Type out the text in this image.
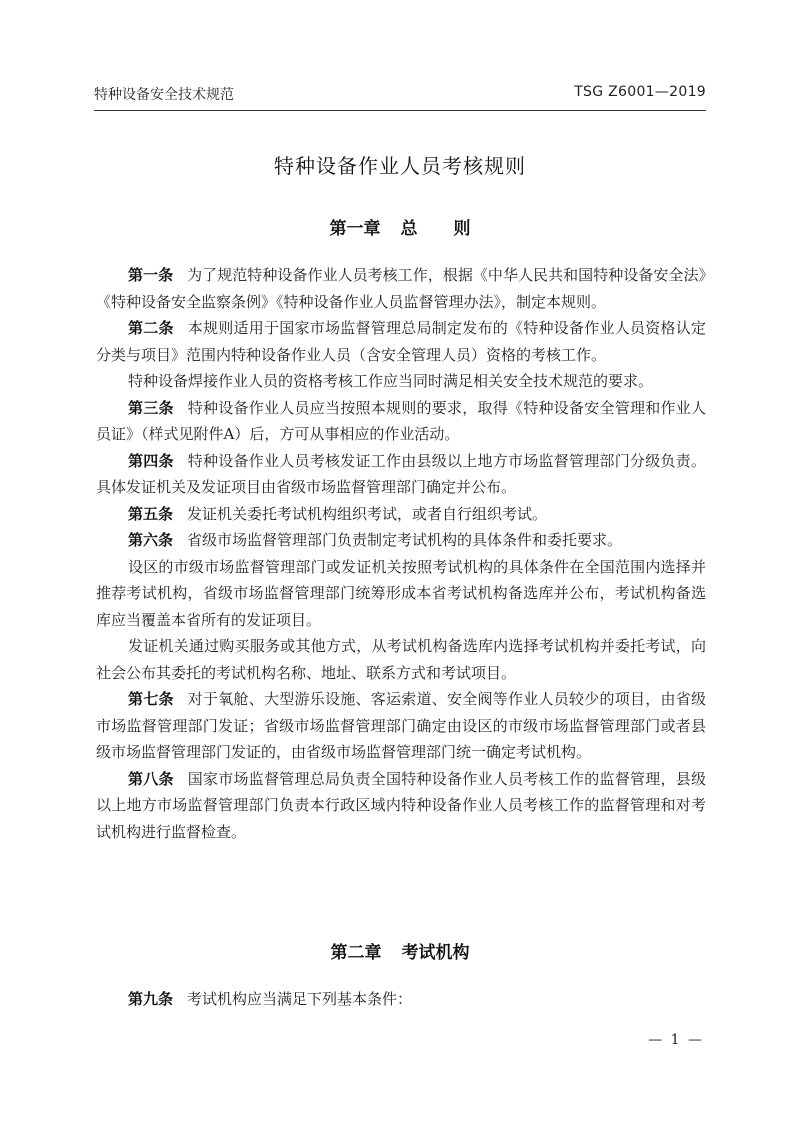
特种设备安全技术规范	TSG Z6001—2019
特种设备作业人员考核规则
第一章 总 则

第一条 为了规范特种设备作业人员考核工作，根据《中华人民共和国特种设备安全法》《特种设备安全监察条例》《特种设备作业人员监督管理办法》，制定本规则。

第二条 本规则适用于国家市场监督管理总局制定发布的《特种设备作业人员资格认定分类与项目》范围内特种设备作业人员（含安全管理人员）资格的考核工作。

特种设备焊接作业人员的资格考核工作应当同时满足相关安全技术规范的要求。

第三条 特种设备作业人员应当按照本规则的要求，取得《特种设备安全管理和作业人员证》（样式见附件A）后，方可从事相应的作业活动。

第四条 特种设备作业人员考核发证工作由县级以上地方市场监督管理部门分级负责。具体发证机关及发证项目由省级市场监督管理部门确定并公布。

第五条 发证机关委托考试机构组织考试，或者自行组织考试。

第六条 省级市场监督管理部门负责制定考试机构的具体条件和委托要求。

设区的市级市场监督管理部门或发证机关按照考试机构的具体条件在全国范围内选择并推荐考试机构，省级市场监督管理部门统筹形成本省考试机构备选库并公布，考试机构备选库应当覆盖本省所有的发证项目。

发证机关通过购买服务或其他方式，从考试机构备选库内选择考试机构并委托考试，向社会公布其委托的考试机构名称、地址、联系方式和考试项目。

第七条 对于氧舱、大型游乐设施、客运索道、安全阀等作业人员较少的项目，由省级市场监督管理部门发证；省级市场监督管理部门确定由设区的市级市场监督管理部门或者县级市场监督管理部门发证的，由省级市场监督管理部门统一确定考试机构。

第八条 国家市场监督管理总局负责全国特种设备作业人员考核工作的监督管理，县级以上地方市场监督管理部门负责本行政区域内特种设备作业人员考核工作的监督管理和对考试机构进行监督检查。

第二章 考试机构

第九条 考试机构应当满足下列基本条件：

— 1 —
